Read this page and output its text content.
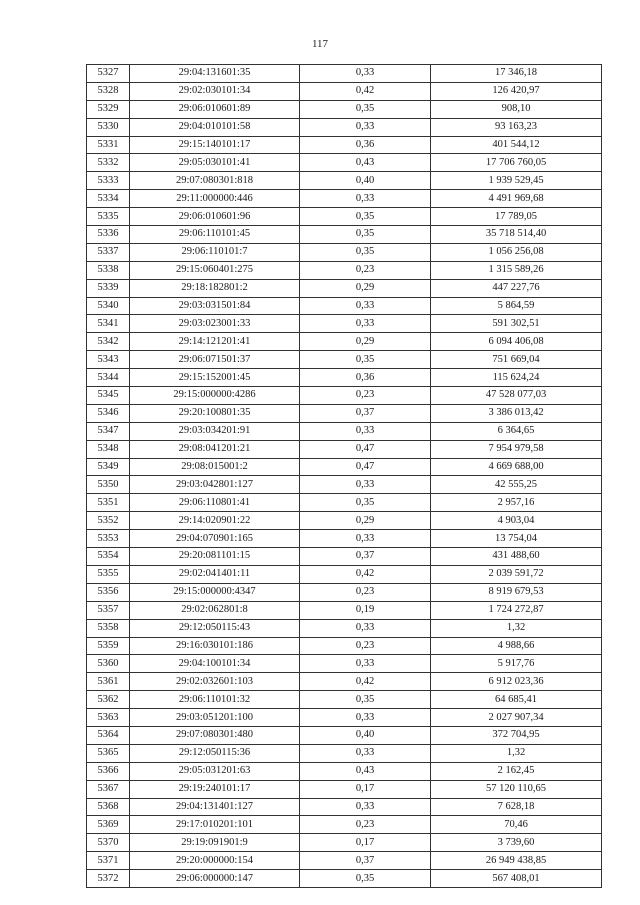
117
5327	29:04:131601:35	0,33	17 346,18
5328	29:02:030101:34	0,42	126 420,97
5329	29:06:010601:89	0,35	908,10
5330	29:04:010101:58	0,33	93 163,23
5331	29:15:140101:17	0,36	401 544,12
5332	29:05:030101:41	0,43	17 706 760,05
5333	29:07:080301:818	0,40	1 939 529,45
5334	29:11:000000:446	0,33	4 491 969,68
5335	29:06:010601:96	0,35	17 789,05
5336	29:06:110101:45	0,35	35 718 514,40
5337	29:06:110101:7	0,35	1 056 256,08
5338	29:15:060401:275	0,23	1 315 589,26
5339	29:18:182801:2	0,29	447 227,76
5340	29:03:031501:84	0,33	5 864,59
5341	29:03:023001:33	0,33	591 302,51
5342	29:14:121201:41	0,29	6 094 406,08
5343	29:06:071501:37	0,35	751 669,04
5344	29:15:152001:45	0,36	115 624,24
5345	29:15:000000:4286	0,23	47 528 077,03
5346	29:20:100801:35	0,37	3 386 013,42
5347	29:03:034201:91	0,33	6 364,65
5348	29:08:041201:21	0,47	7 954 979,58
5349	29:08:015001:2	0,47	4 669 688,00
5350	29:03:042801:127	0,33	42 555,25
5351	29:06:110801:41	0,35	2 957,16
5352	29:14:020901:22	0,29	4 903,04
5353	29:04:070901:165	0,33	13 754,04
5354	29:20:081101:15	0,37	431 488,60
5355	29:02:041401:11	0,42	2 039 591,72
5356	29:15:000000:4347	0,23	8 919 679,53
5357	29:02:062801:8	0,19	1 724 272,87
5358	29:12:050115:43	0,33	1,32
5359	29:16:030101:186	0,23	4 988,66
5360	29:04:100101:34	0,33	5 917,76
5361	29:02:032601:103	0,42	6 912 023,36
5362	29:06:110101:32	0,35	64 685,41
5363	29:03:051201:100	0,33	2 027 907,34
5364	29:07:080301:480	0,40	372 704,95
5365	29:12:050115:36	0,33	1,32
5366	29:05:031201:63	0,43	2 162,45
5367	29:19:240101:17	0,17	57 120 110,65
5368	29:04:131401:127	0,33	7 628,18
5369	29:17:010201:101	0,23	70,46
5370	29:19:091901:9	0,17	3 739,60
5371	29:20:000000:154	0,37	26 949 438,85
5372	29:06:000000:147	0,35	567 408,01
